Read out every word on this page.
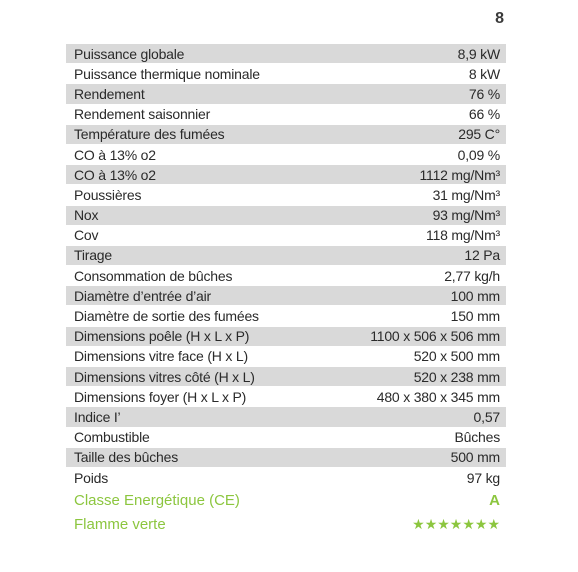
8
Puissance globale	8,9 kW
Puissance thermique nominale	8 kW
Rendement	76 %
Rendement saisonnier	66 %
Température des fumées	295 C°
CO à 13% o2	0,09 %
CO à 13% o2	1112 mg/Nm³
Poussières	31 mg/Nm³
Nox	93 mg/Nm³
Cov	118 mg/Nm³
Tirage	12 Pa
Consommation de bûches	2,77 kg/h
Diamètre d’entrée d’air	100 mm
Diamètre de sortie des fumées	150 mm
Dimensions poêle (H x L x P)	1100 x 506 x 506 mm
Dimensions vitre face (H x L)	520 x 500 mm
Dimensions vitres côté (H x L)	520 x 238 mm
Dimensions foyer (H x L x P)	480 x 380 x 345 mm
Indice I’	0,57
Combustible	Bûches
Taille des bûches	500 mm
Poids	97 kg
Classe Energétique (CE)	A
Flamme verte	★★★★★★★
